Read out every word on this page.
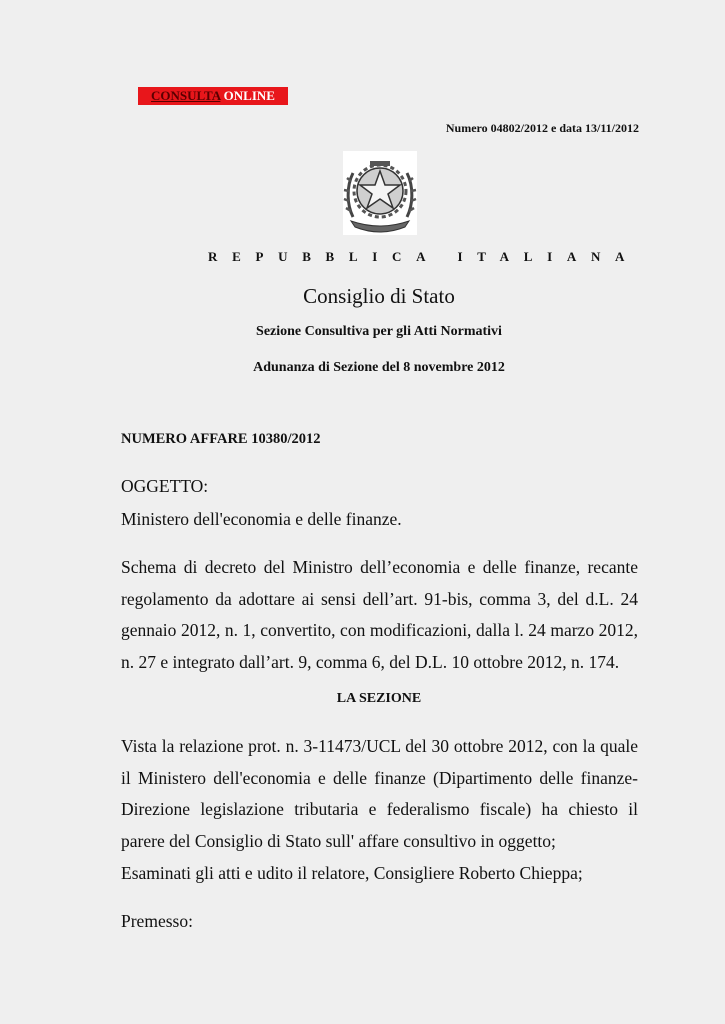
CONSULTA ONLINE
Numero 04802/2012 e data 13/11/2012
REPUBBLICA ITALIANA
Consiglio di Stato
Sezione Consultiva per gli Atti Normativi
Adunanza di Sezione del 8 novembre 2012
NUMERO AFFARE 10380/2012
OGGETTO:
Ministero dell'economia e delle finanze.

Schema di decreto del Ministro dell’economia e delle finanze, recante regolamento da adottare ai sensi dell’art. 91-bis, comma 3, del d.L. 24 gennaio 2012, n. 1, convertito, con modificazioni, dalla l. 24 marzo 2012, n. 27 e integrato dall’art. 9, comma 6, del D.L. 10 ottobre 2012, n. 174.

LA SEZIONE

Vista la relazione prot. n. 3-11473/UCL del 30 ottobre 2012, con la quale il Ministero dell'economia e delle finanze (Dipartimento delle finanze-Direzione legislazione tributaria e federalismo fiscale) ha chiesto il parere del Consiglio di Stato sull' affare consultivo in oggetto;

Esaminati gli atti e udito il relatore, Consigliere Roberto Chieppa;
Premesso:
